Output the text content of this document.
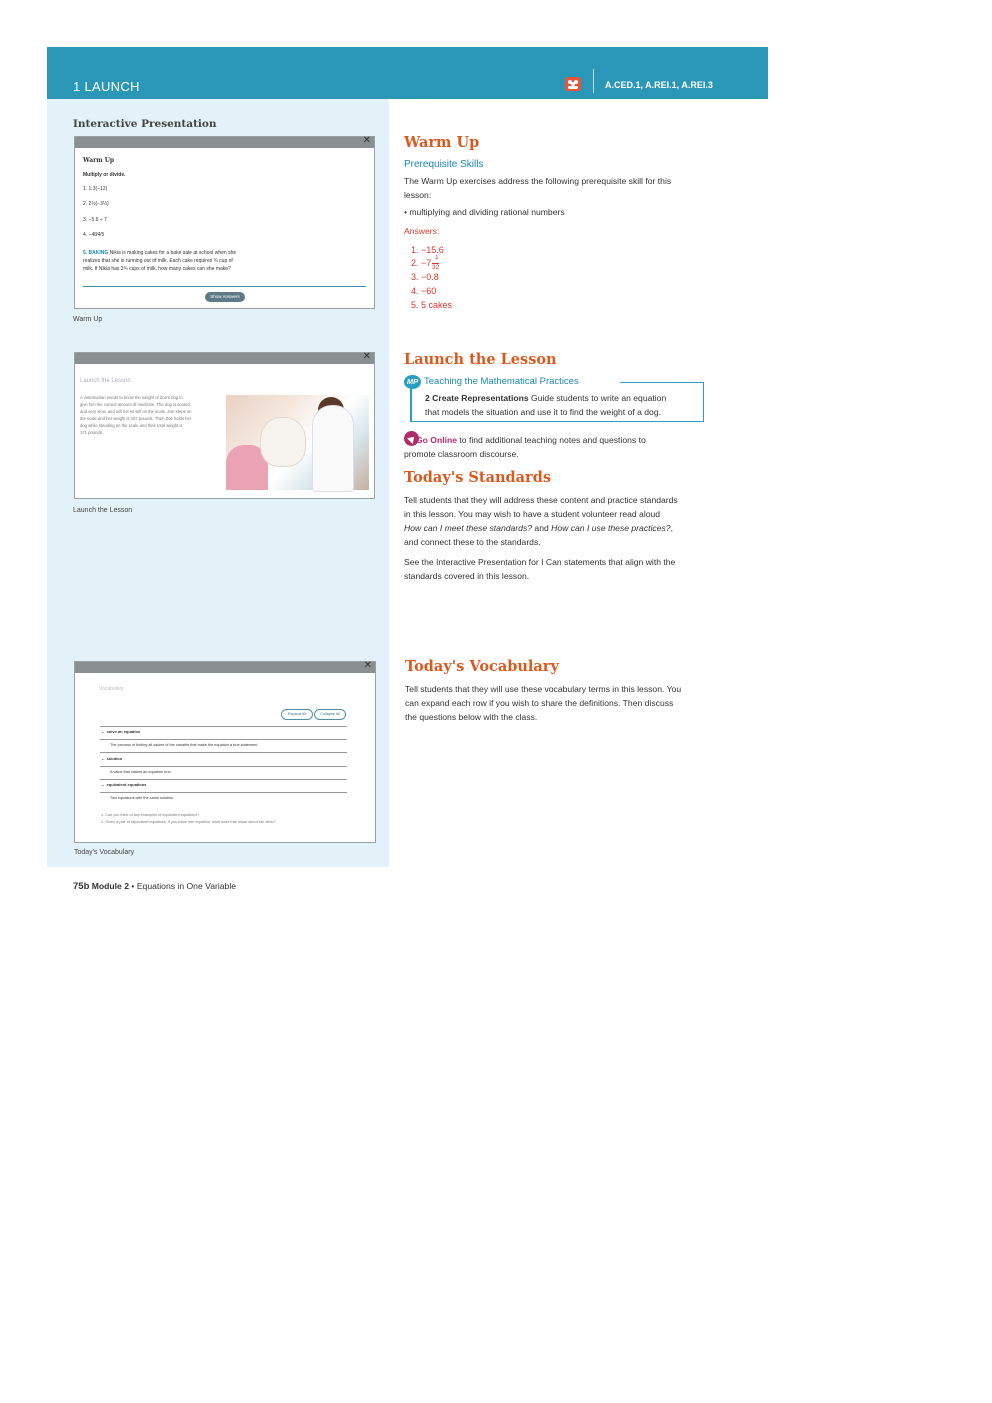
1 LAUNCH	A.CED.1, A.REI.1, A.REI.3
Interactive Presentation
✕
Warm Up
Multiply or divide.
1. 1.3(−12)
2. 2½(−3⅓)
3. −5.6 ÷ 7
4. −48⁄4⁄5
5. BAKING Nikia is making cakes for a bake sale at school when she
realizes that she is running out of milk. Each cake requires ¾ cup of
milk. If Nikia has 3¾ cups of milk, how many cakes can she make?
Show Answers
Warm Up
✕
Launch the Lesson
A veterinarian needs to know the weight of Zoe's dog to
give him the correct amount of medicine. The dog is scared,
and very slow, and will not sit still on the scale. Zoe steps on
the scale and her weight is 157 pounds. Then Zoe holds her
dog while standing on the scale and their total weight is
171 pounds.
Launch the Lesson
✕
Vocabulary
Expand All	Collapse All
⌄  solve an equation
The process of finding all values of the variable that make the equation a true statement.
⌄  solution
A value that makes an equation true.
⌄  equivalent equations
Two equations with the same solution.
1. Can you think of any examples of equivalent equations?
2. Given a pair of equivalent equations, if you solve one equation, what does that mean about the other?
Today's Vocabulary
Warm Up
Prerequisite Skills
The Warm Up exercises address the following prerequisite skill for this
lesson:
• multiplying and dividing rational numbers
Answers:
1. −15.6
2. −7
1
32
3. −0.8
4. −60
5. 5 cakes
Launch the Lesson
MP Teaching the Mathematical Practices
2 Create Representations Guide students to write an equation
that models the situation and use it to find the weight of a dog.
Go Online to find additional teaching notes and questions to
promote classroom discourse.
Today's Standards
Tell students that they will address these content and practice standards
in this lesson. You may wish to have a student volunteer read aloud
How can I meet these standards? and How can I use these practices?,
and connect these to the standards.
See the Interactive Presentation for I Can statements that align with the
standards covered in this lesson.
Today's Vocabulary
Tell students that they will use these vocabulary terms in this lesson. You
can expand each row if you wish to share the definitions. Then discuss
the questions below with the class.
75b Module 2 • Equations in One Variable
